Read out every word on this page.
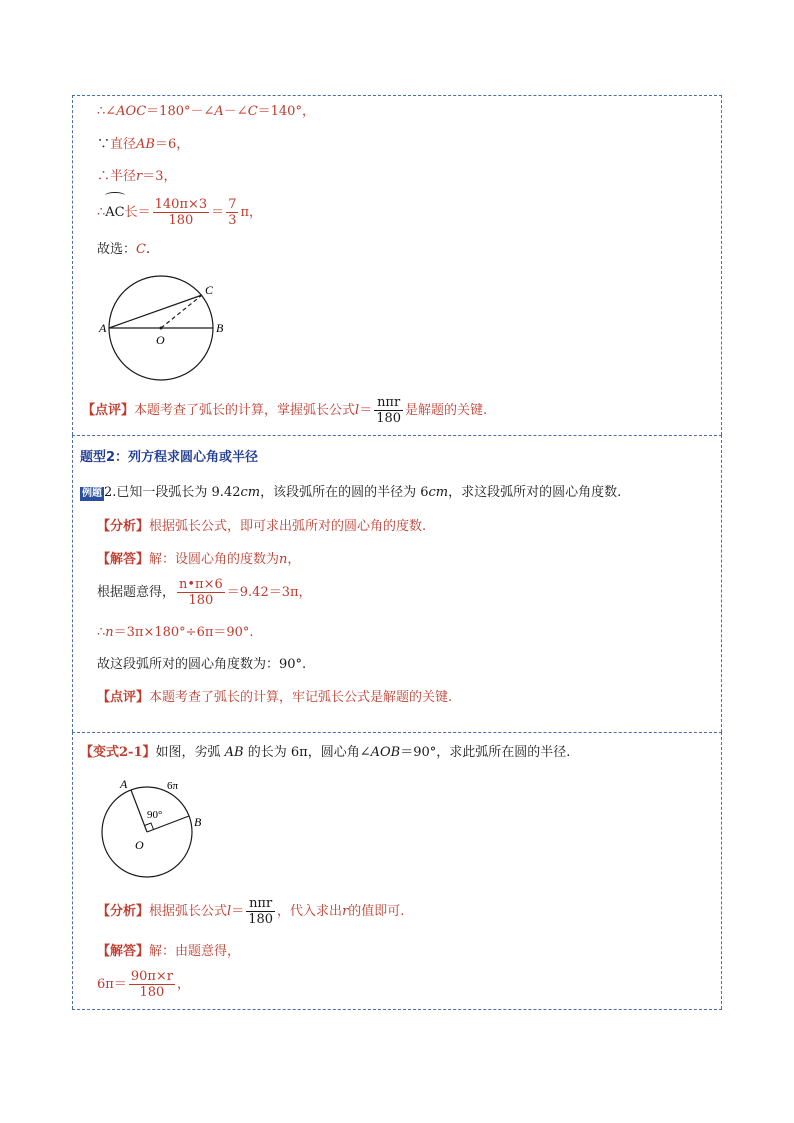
∴∠AOC＝180°－∠A－∠C＝140°，
∵直径AB＝6，
∴半径r＝3，
∴AC长＝ $\frac{140\pi\times 3}{180} = \frac{7}{3}$ π，
故选：C.
A	B
C
O
【点评】本题考查了弧长的计算，掌握弧长公式$l= \frac{\text{nπr}}{180}$ 是解题的关键.
题型2：列方程求圆心角或半径
例题 2.已知一段弧长为 9.42cm，该段弧所在的圆的半径为 6cm，求这段弧所对的圆心角度数.
【分析】根据弧长公式，即可求出弧所对的圆心角的度数.
【解答】解：设圆心角的度数为n，
根据题意得， $\frac{n•\pi\times 6}{180} =9.42=3\pi$，
∴n＝3π×180°÷6π＝90°.
故这段弧所对的圆心角度数为：90°.
【点评】本题考查了弧长的计算，牢记弧长公式是解题的关键.
【变式2-1】如图，劣弧 AB 的长为 6π，圆心角∠AOB＝90°，求此弧所在圆的半径.
A
B
O
6π
90°
【分析】根据弧长公式$l= \frac{\text{nπr}}{180}$ ，代入求出r的值即可.
【解答】解：由题意得，
$6\pi= \frac{90\pi\times r}{180}$ ，
